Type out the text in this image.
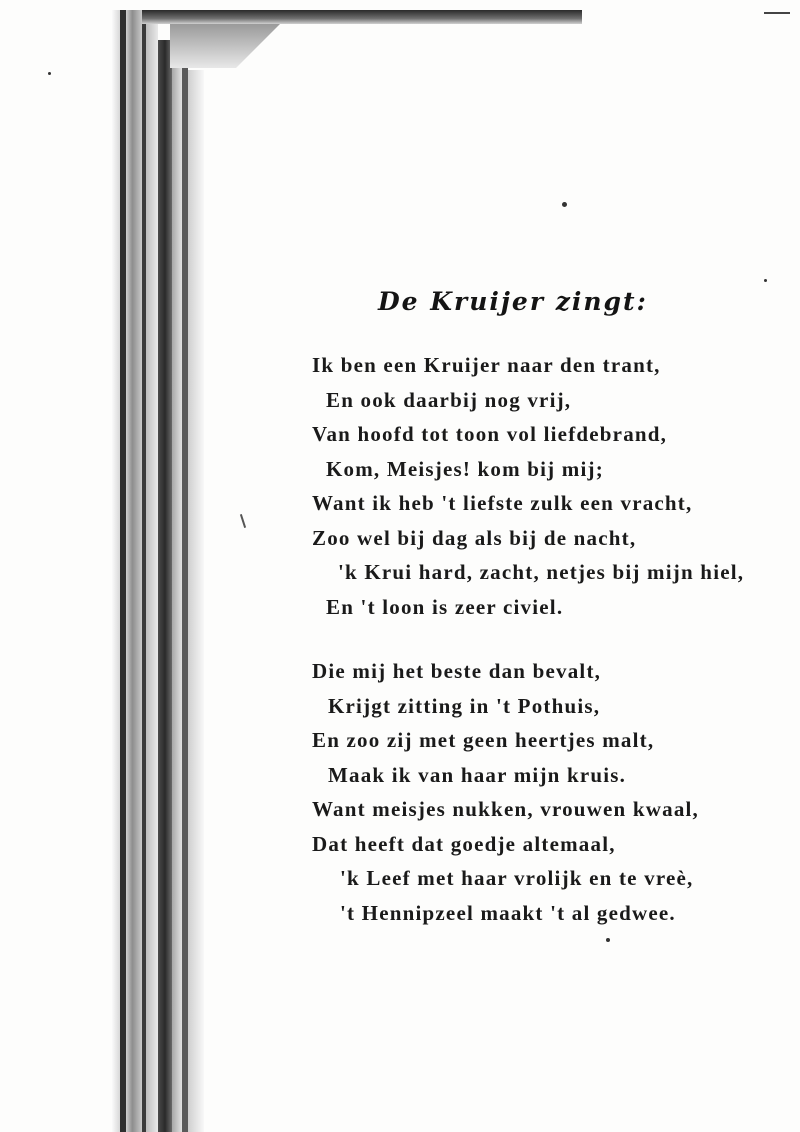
De Kruijer zingt:
Ik ben een Kruijer naar den trant,
En ook daarbij nog vrij,
Van hoofd tot toon vol liefdebrand,
Kom, Meisjes! kom bij mij;
Want ik heb 't liefste zulk een vracht,
Zoo wel bij dag als bij de nacht,
'k Krui hard, zacht, netjes bij mijn hiel,
En 't loon is zeer civiel.
Die mij het beste dan bevalt,
Krijgt zitting in 't Pothuis,
En zoo zij met geen heertjes malt,
Maak ik van haar mijn kruis.
Want meisjes nukken, vrouwen kwaal,
Dat heeft dat goedje altemaal,
'k Leef met haar vrolijk en te vreè,
't Hennipzeel maakt 't al gedwee.
